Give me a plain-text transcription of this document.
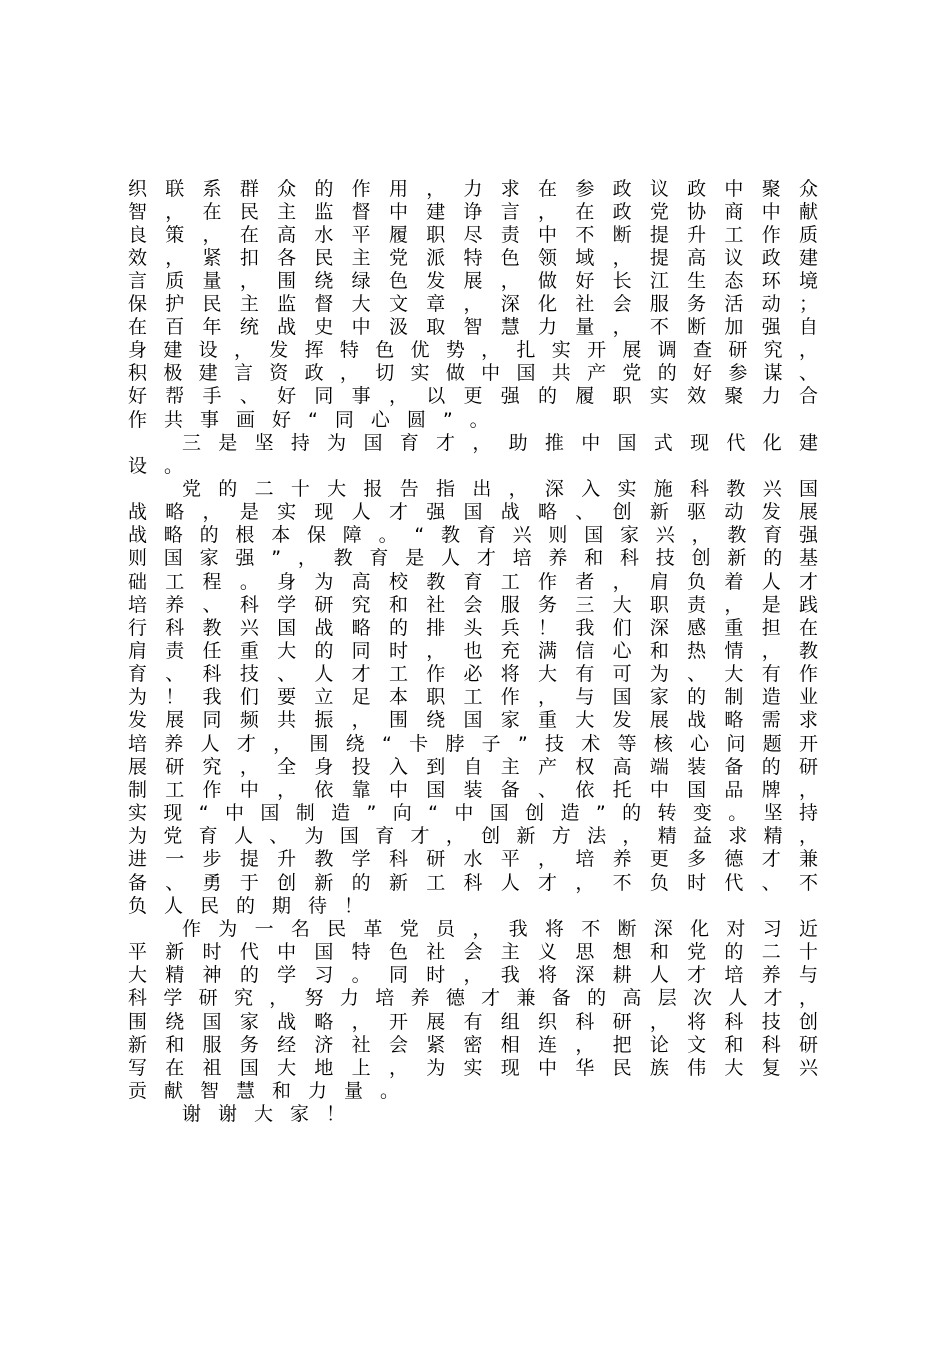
织联系群众的作用，力求在参政议政中聚众
智，在民主监督中建诤言，在政党协商中献
良策，在高水平履职尽责中不断提升工作质
效，紧扣各民主党派特色领域，提高议政建
言质量，围绕绿色发展，做好长江生态环境
保护民主监督大文章，深化社会服务活动；
在百年统战史中汲取智慧力量，不断加强自
身建设，发挥特色优势，扎实开展调查研究，
积极建言资政，切实做中国共产党的好参谋、
好帮手、好同事，以更强的履职实效聚力合
作共事画好“同心圆”。
三是坚持为国育才，助推中国式现代化建
设。
党的二十大报告指出，深入实施科教兴国
战略，是实现人才强国战略、创新驱动发展
战略的根本保障。“教育兴则国家兴，教育强
则国家强”，教育是人才培养和科技创新的基
础工程。身为高校教育工作者，肩负着人才
培养、科学研究和社会服务三大职责，是践
行科教兴国战略的排头兵！我们深感重担在
肩责任重大的同时，也充满信心和热情，教
育、科技、人才工作必将大有可为、大有作
为！我们要立足本职工作，与国家的制造业
发展同频共振，围绕国家重大发展战略需求
培养人才，围绕“卡脖子”技术等核心问题开
展研究，全身投入到自主产权高端装备的研
制工作中，依靠中国装备、依托中国品牌，
实现“中国制造”向“中国创造”的转变。坚持
为党育人、为国育才，创新方法，精益求精，
进一步提升教学科研水平，培养更多德才兼
备、勇于创新的新工科人才，不负时代、不
负人民的期待！
作为一名民革党员，我将不断深化对习近
平新时代中国特色社会主义思想和党的二十
大精神的学习。同时，我将深耕人才培养与
科学研究，努力培养德才兼备的高层次人才，
围绕国家战略，开展有组织科研，将科技创
新和服务经济社会紧密相连，把论文和科研
写在祖国大地上，为实现中华民族伟大复兴
贡献智慧和力量。
谢谢大家！
